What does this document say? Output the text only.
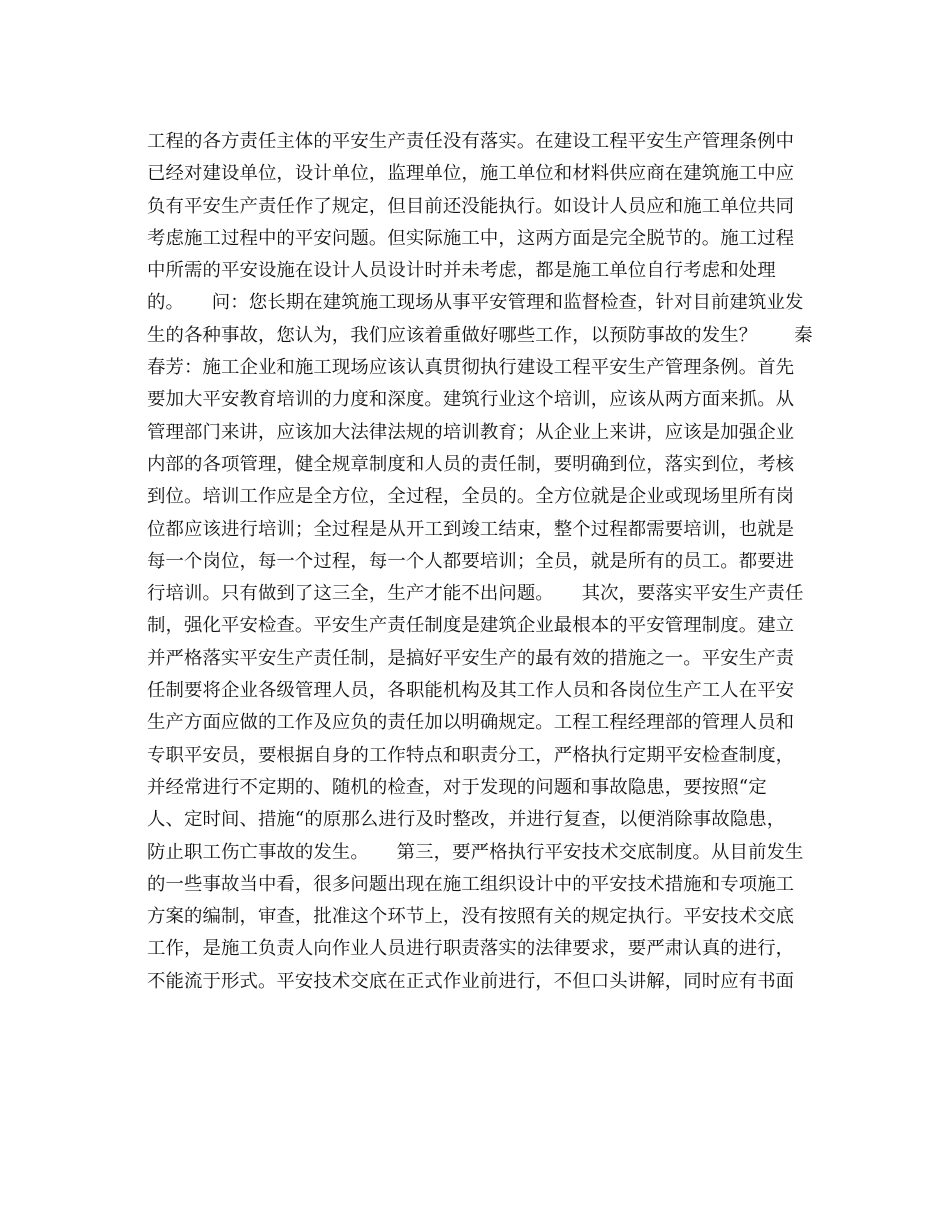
工程的各方责任主体的平安生产责任没有落实。在建设工程平安生产管理条例中
已经对建设单位，设计单位，监理单位，施工单位和材料供应商在建筑施工中应
负有平安生产责任作了规定，但目前还没能执行。如设计人员应和施工单位共同
考虑施工过程中的平安问题。但实际施工中，这两方面是完全脱节的。施工过程
中所需的平安设施在设计人员设计时并未考虑，都是施工单位自行考虑和处理
的。　　问：您长期在建筑施工现场从事平安管理和监督检查，针对目前建筑业发
生的各种事故，您认为，我们应该着重做好哪些工作，以预防事故的发生？　　秦
春芳：施工企业和施工现场应该认真贯彻执行建设工程平安生产管理条例。首先
要加大平安教育培训的力度和深度。建筑行业这个培训，应该从两方面来抓。从
管理部门来讲，应该加大法律法规的培训教育；从企业上来讲，应该是加强企业
内部的各项管理，健全规章制度和人员的责任制，要明确到位，落实到位，考核
到位。培训工作应是全方位，全过程，全员的。全方位就是企业或现场里所有岗
位都应该进行培训；全过程是从开工到竣工结束，整个过程都需要培训，也就是
每一个岗位，每一个过程，每一个人都要培训；全员，就是所有的员工。都要进
行培训。只有做到了这三全，生产才能不出问题。　　其次，要落实平安生产责任
制，强化平安检查。平安生产责任制度是建筑企业最根本的平安管理制度。建立
并严格落实平安生产责任制，是搞好平安生产的最有效的措施之一。平安生产责
任制要将企业各级管理人员，各职能机构及其工作人员和各岗位生产工人在平安
生产方面应做的工作及应负的责任加以明确规定。工程工程经理部的管理人员和
专职平安员，要根据自身的工作特点和职责分工，严格执行定期平安检查制度，
并经常进行不定期的、随机的检查，对于发现的问题和事故隐患，要按照“定
人、定时间、措施“的原那么进行及时整改，并进行复查，以便消除事故隐患，
防止职工伤亡事故的发生。　　第三，要严格执行平安技术交底制度。从目前发生
的一些事故当中看，很多问题出现在施工组织设计中的平安技术措施和专项施工
方案的编制，审查，批准这个环节上，没有按照有关的规定执行。平安技术交底
工作，是施工负责人向作业人员进行职责落实的法律要求，要严肃认真的进行，
不能流于形式。平安技术交底在正式作业前进行，不但口头讲解，同时应有书面
